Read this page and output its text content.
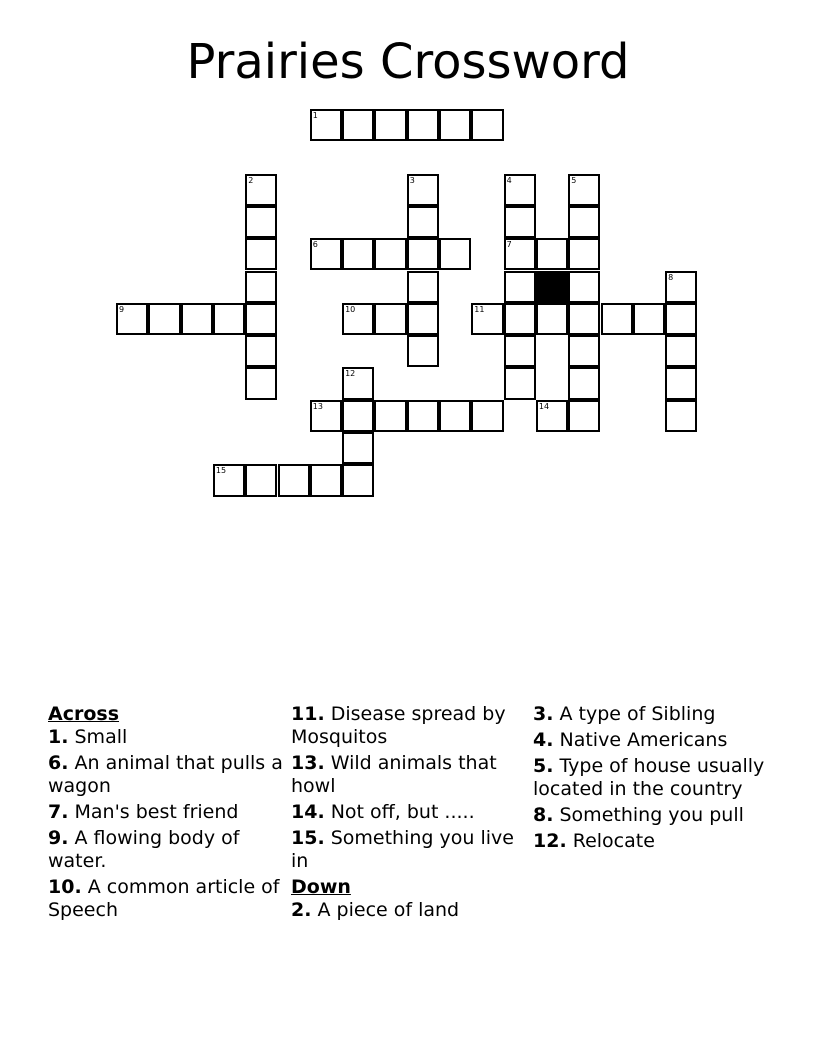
Prairies Crossword
1
2	3	4
7
5
6
8
9	10	11
12
13	14
15
Across
1. Small
6. An animal that pulls a wagon
7. Man's best friend
9. A flowing body of water.
10. A common article of Speech
11. Disease spread by Mosquitos
13. Wild animals that howl
14. Not off, but .....
15. Something you live in
Down
2. A piece of land
3. A type of Sibling
4. Native Americans
5. Type of house usually located in the country
8. Something you pull
12. Relocate
